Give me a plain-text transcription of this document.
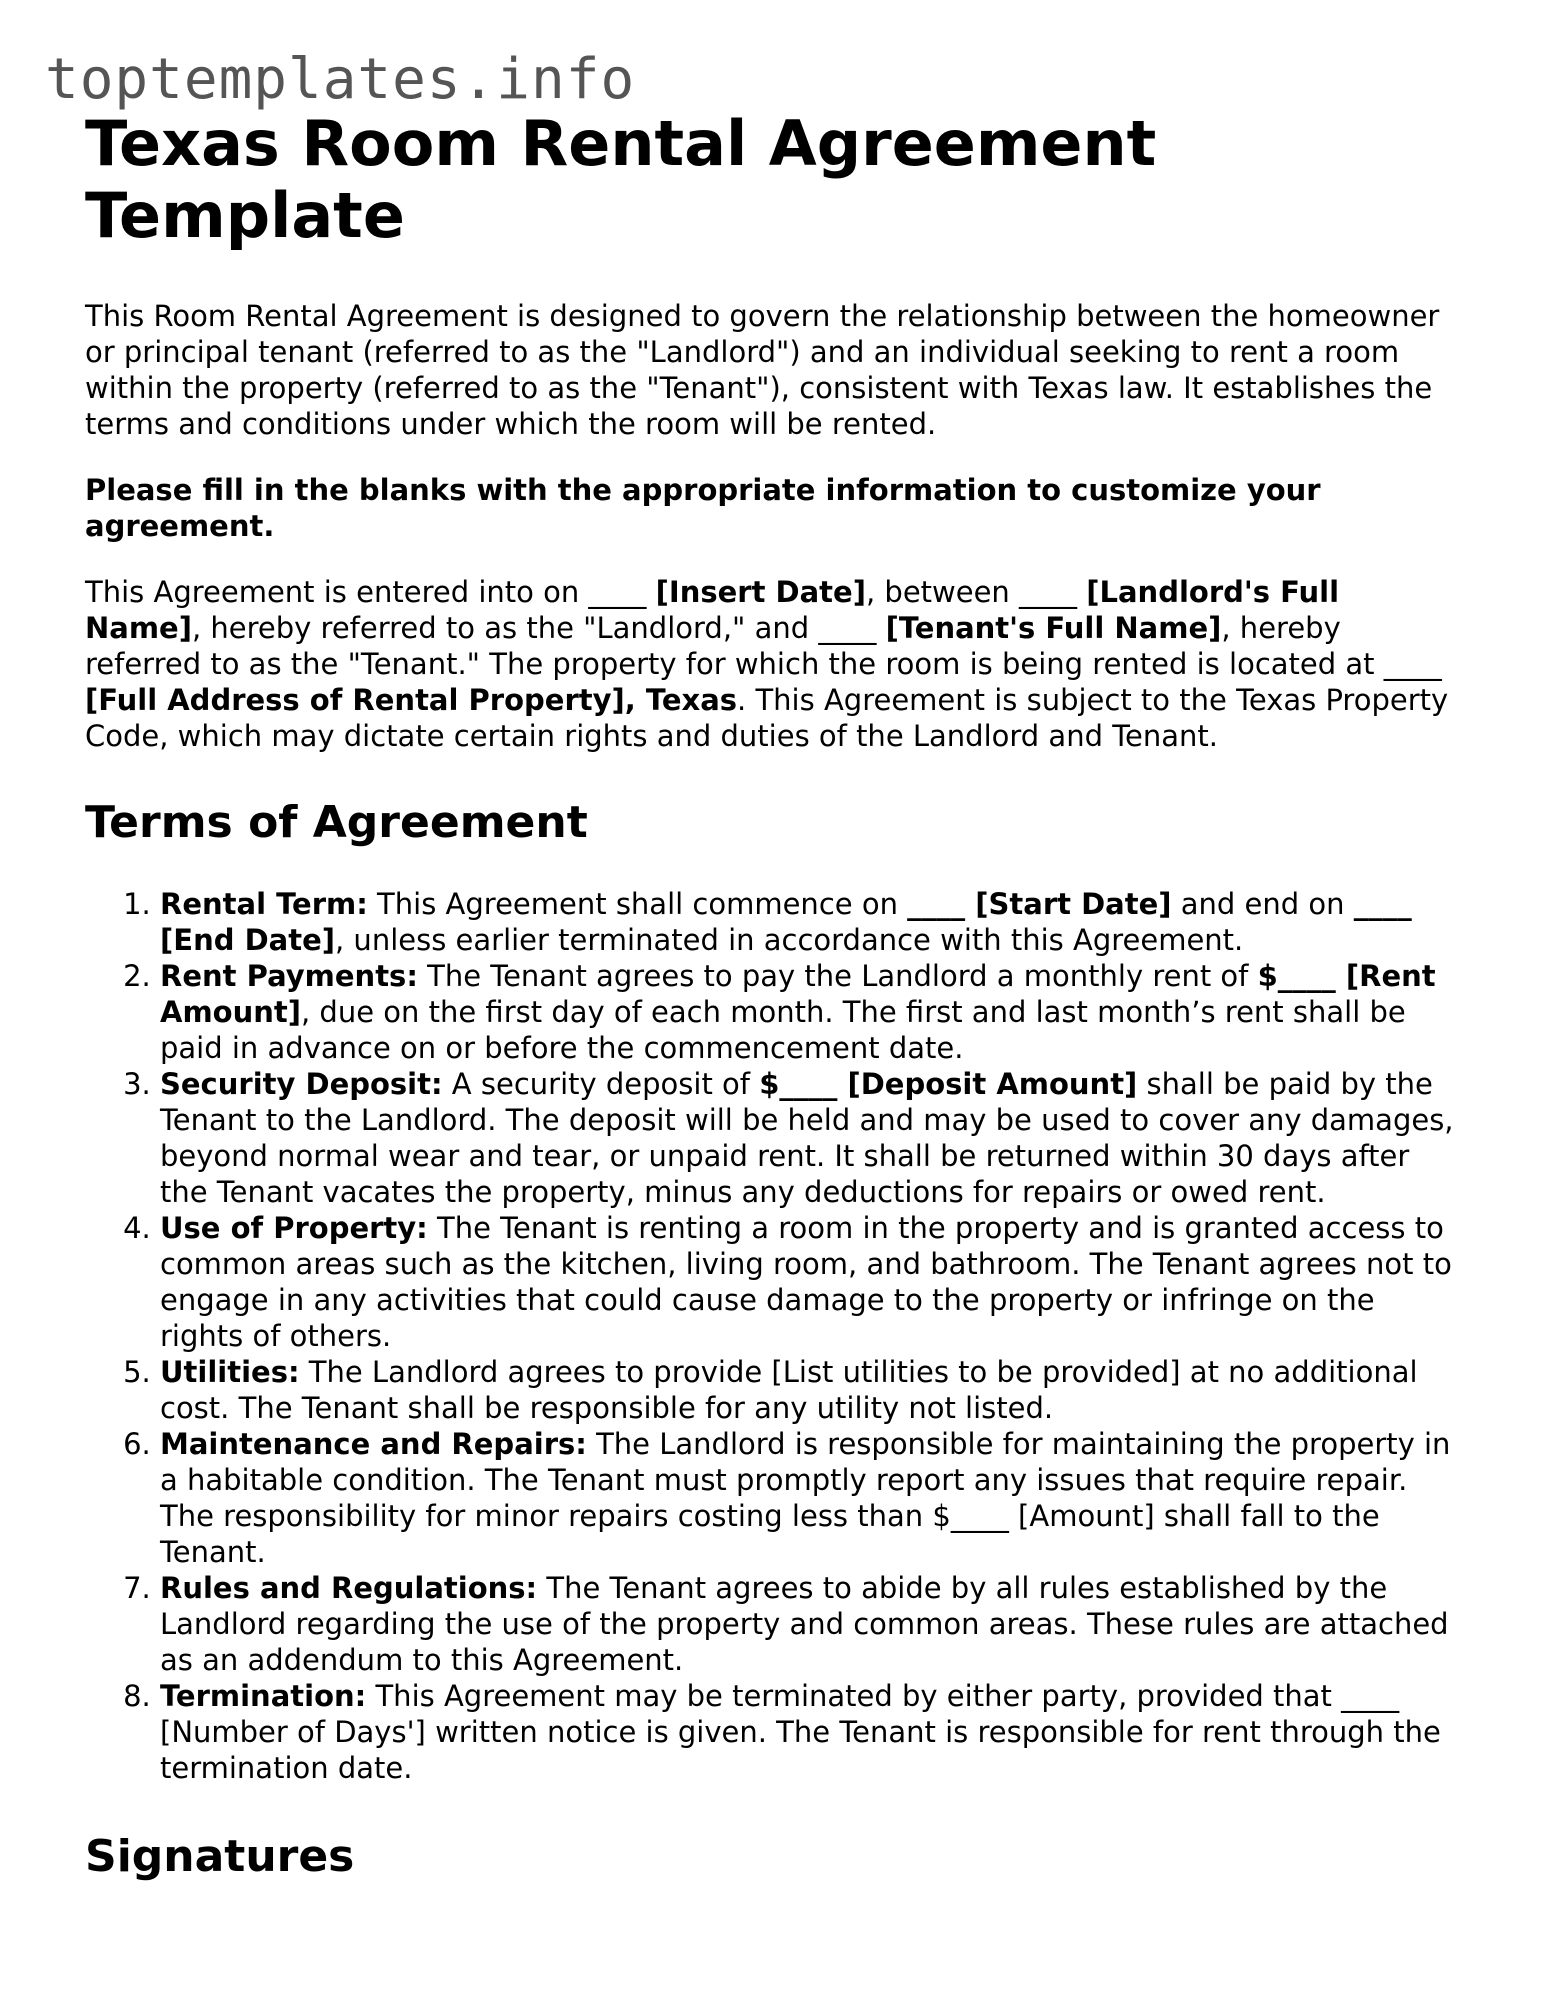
toptemplates.info
Texas Room Rental Agreement Template

This Room Rental Agreement is designed to govern the relationship between the homeowner or principal tenant (referred to as the "Landlord") and an individual seeking to rent a room within the property (referred to as the "Tenant"), consistent with Texas law. It establishes the terms and conditions under which the room will be rented.

Please fill in the blanks with the appropriate information to customize your agreement.

This Agreement is entered into on ____ [Insert Date], between ____ [Landlord's Full Name], hereby referred to as the "Landlord," and ____ [Tenant's Full Name], hereby referred to as the "Tenant." The property for which the room is being rented is located at ____ [Full Address of Rental Property], Texas. This Agreement is subject to the Texas Property Code, which may dictate certain rights and duties of the Landlord and Tenant.

Terms of Agreement
1. Rental Term: This Agreement shall commence on ____ [Start Date] and end on ____ [End Date], unless earlier terminated in accordance with this Agreement.
2. Rent Payments: The Tenant agrees to pay the Landlord a monthly rent of $____ [Rent Amount], due on the first day of each month. The first and last month’s rent shall be paid in advance on or before the commencement date.
3. Security Deposit: A security deposit of $____ [Deposit Amount] shall be paid by the Tenant to the Landlord. The deposit will be held and may be used to cover any damages, beyond normal wear and tear, or unpaid rent. It shall be returned within 30 days after the Tenant vacates the property, minus any deductions for repairs or owed rent.
4. Use of Property: The Tenant is renting a room in the property and is granted access to common areas such as the kitchen, living room, and bathroom. The Tenant agrees not to engage in any activities that could cause damage to the property or infringe on the rights of others.
5. Utilities: The Landlord agrees to provide [List utilities to be provided] at no additional cost. The Tenant shall be responsible for any utility not listed.
6. Maintenance and Repairs: The Landlord is responsible for maintaining the property in a habitable condition. The Tenant must promptly report any issues that require repair. The responsibility for minor repairs costing less than $____ [Amount] shall fall to the Tenant.
7. Rules and Regulations: The Tenant agrees to abide by all rules established by the Landlord regarding the use of the property and common areas. These rules are attached as an addendum to this Agreement.
8. Termination: This Agreement may be terminated by either party, provided that ____ [Number of Days'] written notice is given. The Tenant is responsible for rent through the termination date.
Signatures
